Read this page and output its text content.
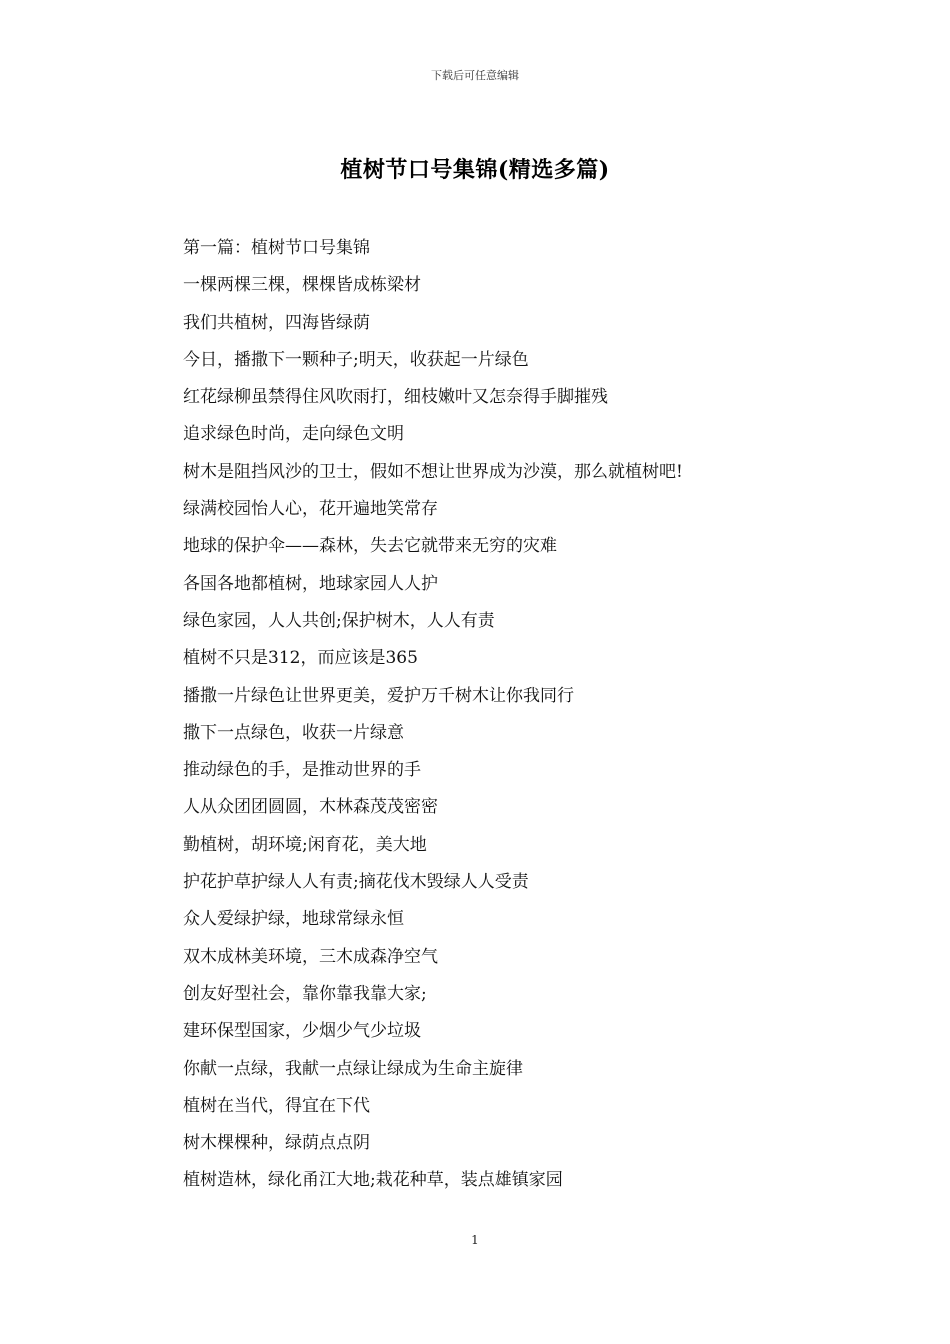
下载后可任意编辑
植树节口号集锦(精选多篇)
第一篇：植树节口号集锦
一棵两棵三棵，棵棵皆成栋梁材
我们共植树，四海皆绿荫
今日，播撒下一颗种子;明天，收获起一片绿色
红花绿柳虽禁得住风吹雨打，细枝嫩叶又怎奈得手脚摧残
追求绿色时尚，走向绿色文明
树木是阻挡风沙的卫士，假如不想让世界成为沙漠，那么就植树吧!
绿满校园怡人心，花开遍地笑常存
地球的保护伞——森林，失去它就带来无穷的灾难
各国各地都植树，地球家园人人护
绿色家园，人人共创;保护树木，人人有责
植树不只是312，而应该是365
播撒一片绿色让世界更美，爱护万千树木让你我同行
撒下一点绿色，收获一片绿意
推动绿色的手，是推动世界的手
人从众团团圆圆，木林森茂茂密密
勤植树，胡环境;闲育花，美大地
护花护草护绿人人有责;摘花伐木毁绿人人受责
众人爱绿护绿，地球常绿永恒
双木成林美环境，三木成森净空气
创友好型社会，靠你靠我靠大家;
建环保型国家，少烟少气少垃圾
你献一点绿，我献一点绿让绿成为生命主旋律
植树在当代，得宜在下代
树木棵棵种，绿荫点点阴
植树造林，绿化甬江大地;栽花种草，装点雄镇家园
1
